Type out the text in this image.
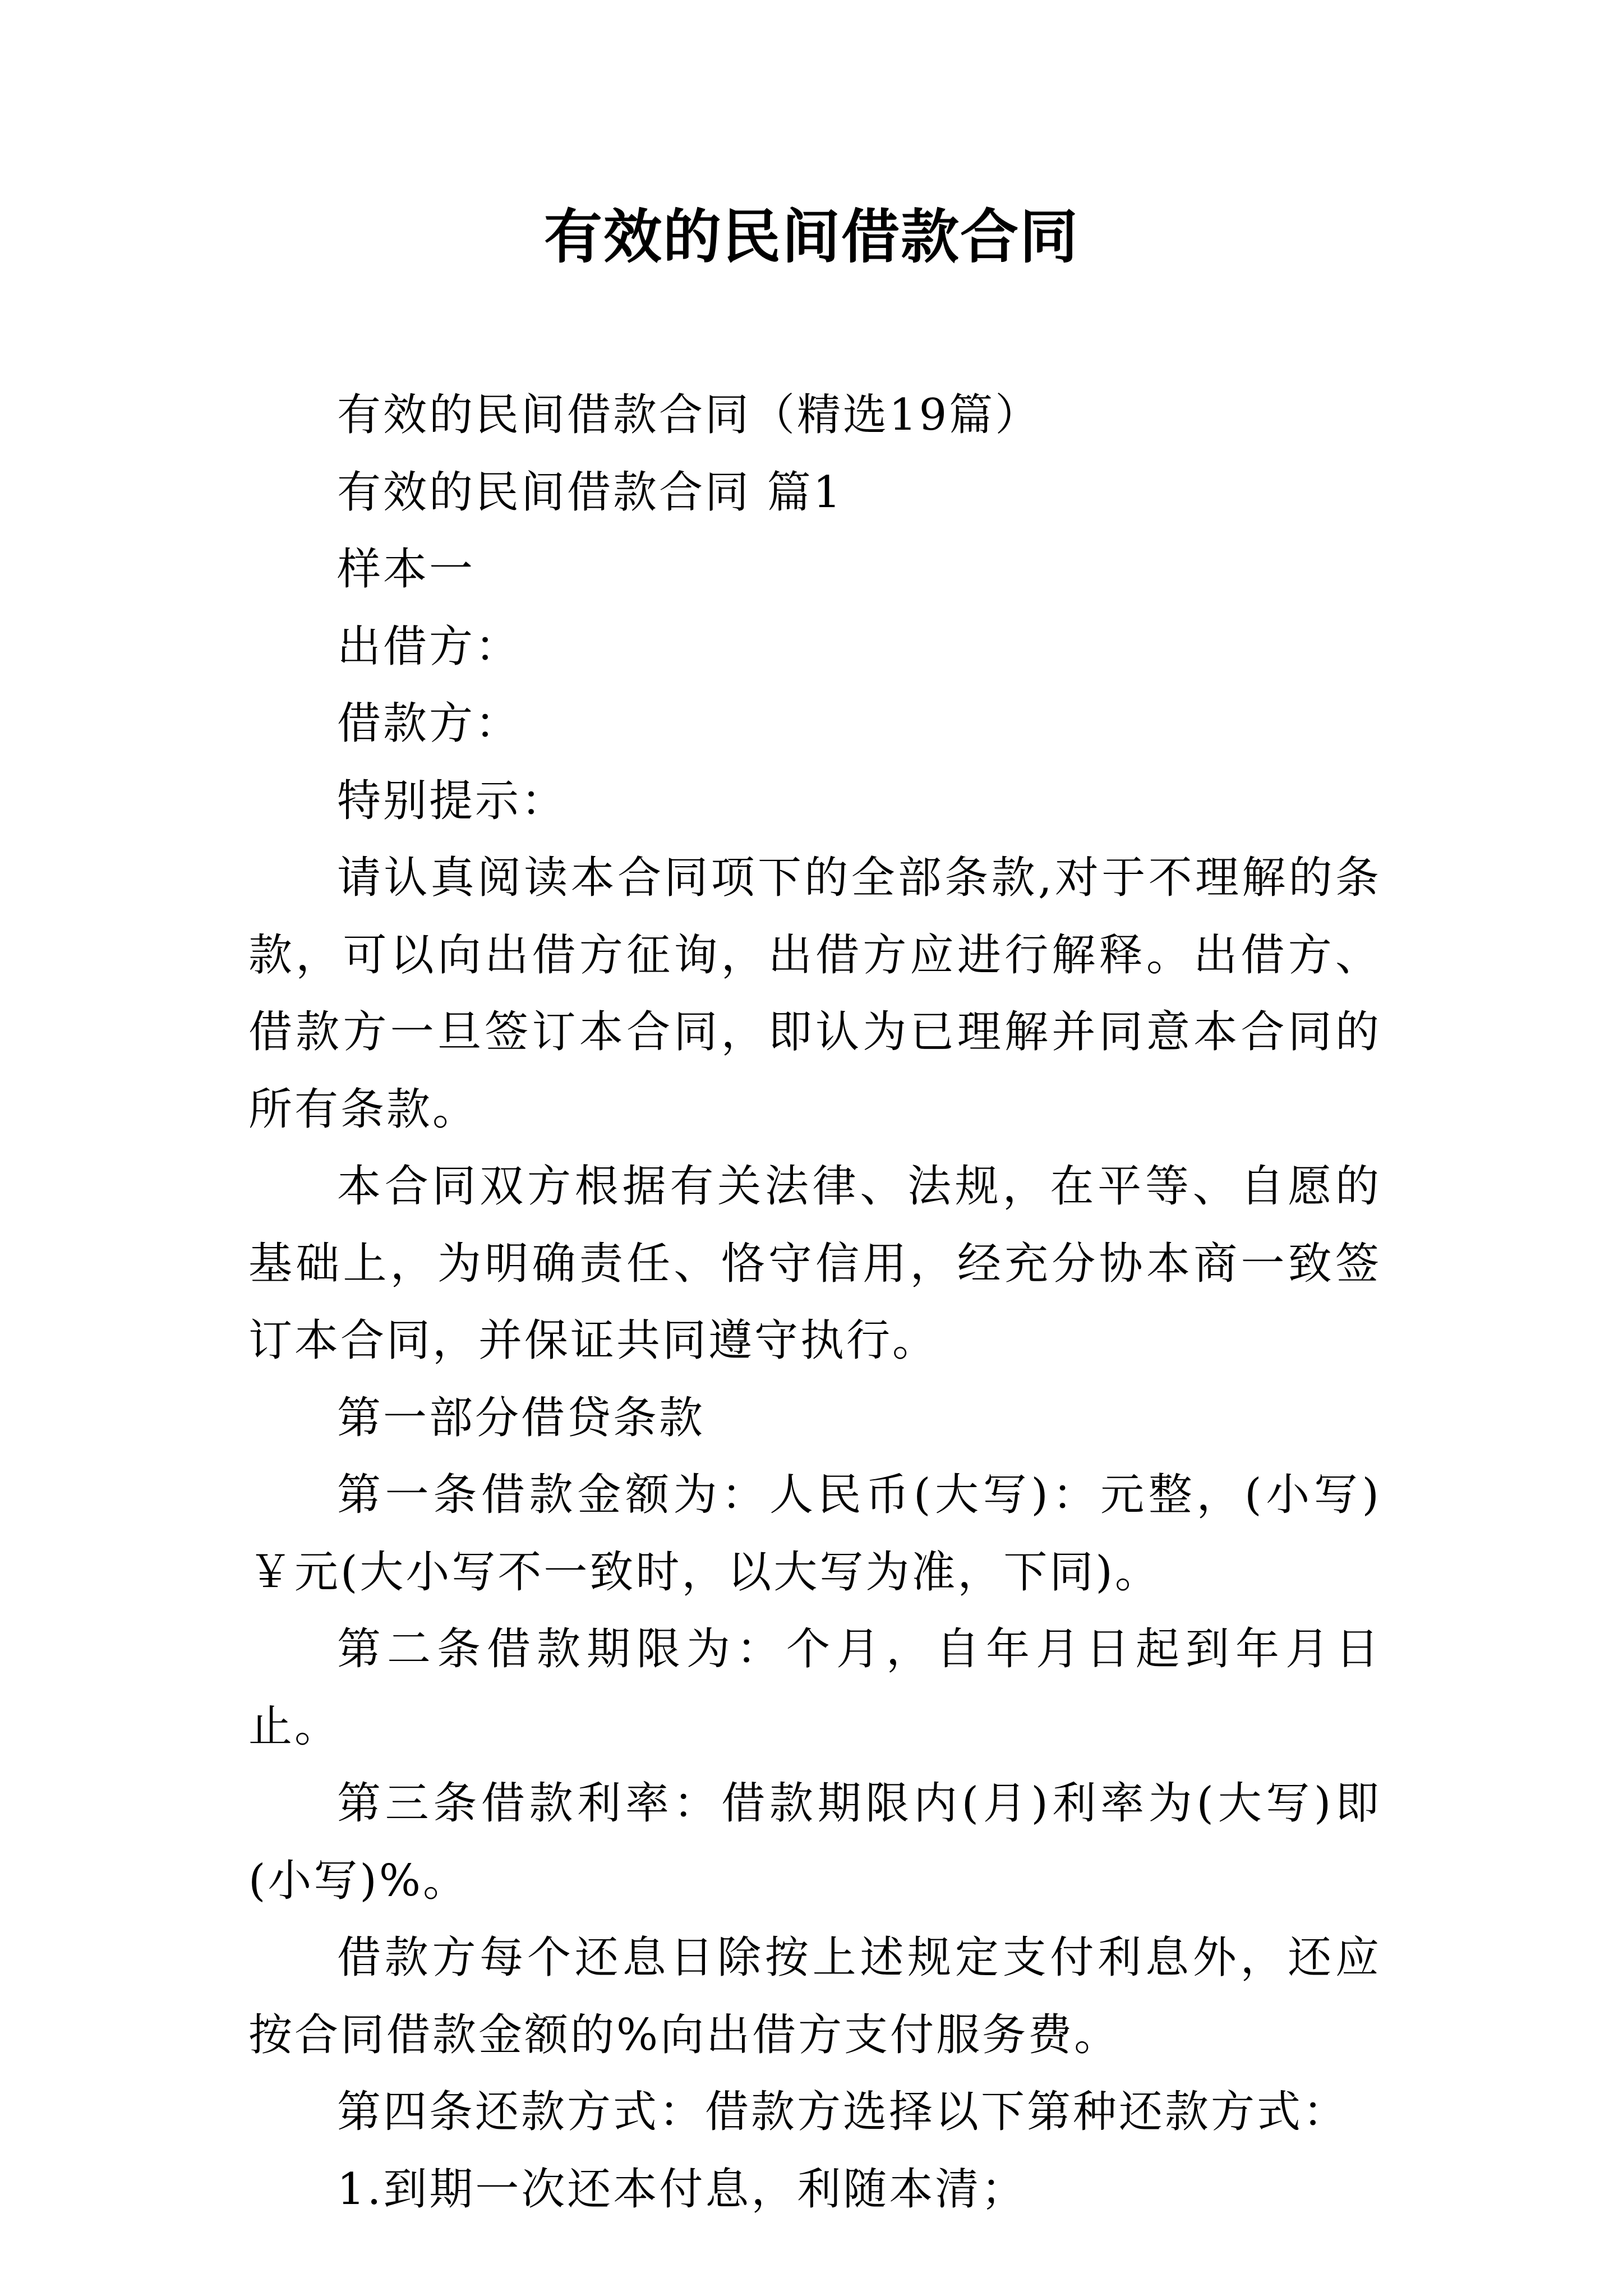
有效的民间借款合同

有效的民间借款合同（精选19篇）

有效的民间借款合同 篇1

样本一

出借方：

借款方：

特别提示：

请认真阅读本合同项下的全部条款,对于不理解的条款，可以向出借方征询，出借方应进行解释。出借方、借款方一旦签订本合同，即认为已理解并同意本合同的所有条款。

本合同双方根据有关法律、法规，在平等、自愿的基础上，为明确责任、恪守信用，经充分协本商一致签订本合同，并保证共同遵守执行。

第一部分借贷条款

第一条借款金额为：人民币(大写)：元整，(小写)￥元(大小写不一致时，以大写为准，下同)。

第二条借款期限为：个月，自年月日起到年月日止。

第三条借款利率：借款期限内(月)利率为(大写)即(小写)%。

借款方每个还息日除按上述规定支付利息外，还应按合同借款金额的%向出借方支付服务费。

第四条还款方式：借款方选择以下第种还款方式：

1.到期一次还本付息，利随本清；
